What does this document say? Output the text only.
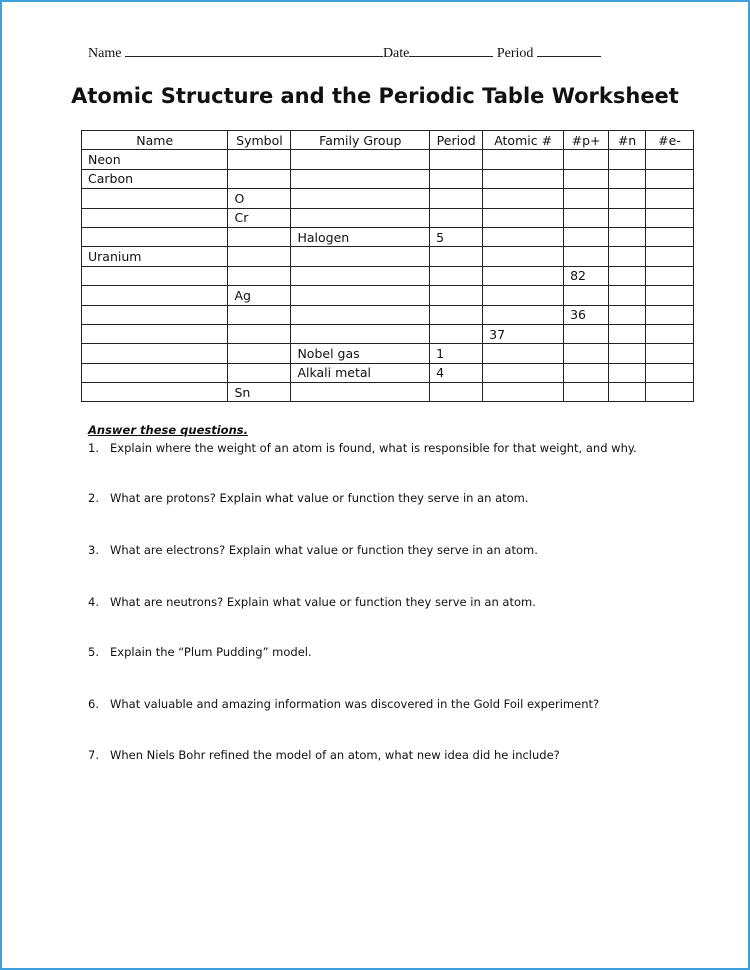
Name	Date	Period
Atomic Structure and the Periodic Table Worksheet
Name	Symbol	Family Group	Period	Atomic #	#p+	#n	#e-
Neon							
Carbon							
	O						
	Cr						
		Halogen	5				
Uranium							
					82		
	Ag						
					36		
				37			
		Nobel gas	1				
		Alkali metal	4				
	Sn						
Answer these questions.
1. Explain where the weight of an atom is found, what is responsible for that weight, and why.
2. What are protons? Explain what value or function they serve in an atom.
3. What are electrons? Explain what value or function they serve in an atom.
4. What are neutrons? Explain what value or function they serve in an atom.
5. Explain the “Plum Pudding” model.
6. What valuable and amazing information was discovered in the Gold Foil experiment?
7. When Niels Bohr refined the model of an atom, what new idea did he include?
